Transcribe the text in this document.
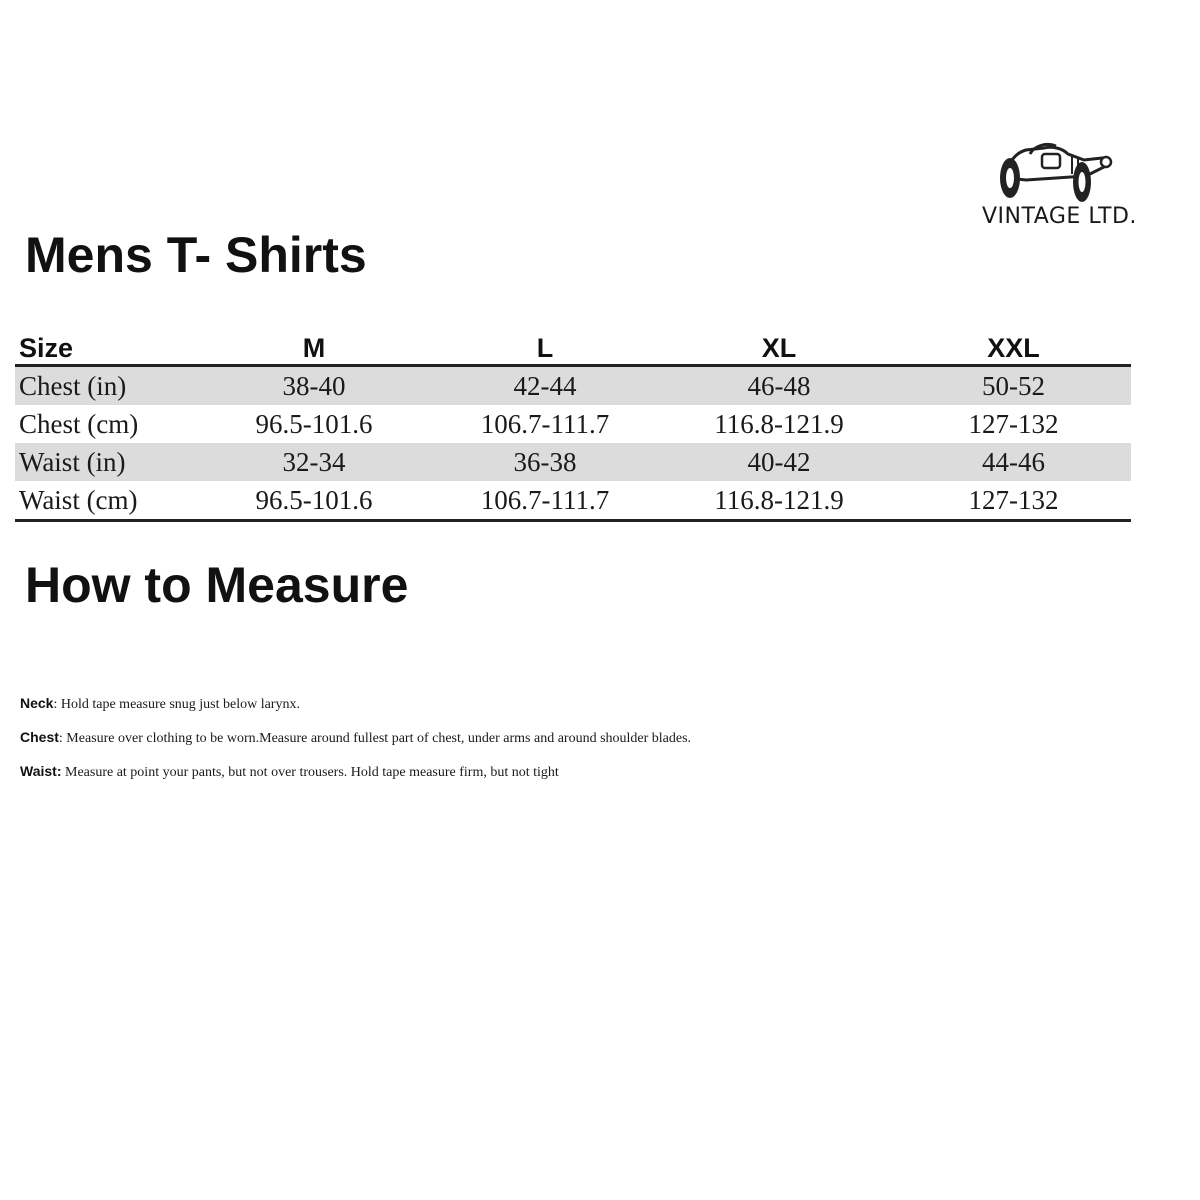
VINTAGE LTD.
Mens T- Shirts
Size	M	L	XL	XXL
Chest (in)	38-40	42-44	46-48	50-52
Chest (cm)	96.5-101.6	106.7-111.7	116.8-121.9	127-132
Waist (in)	32-34	36-38	40-42	44-46
Waist (cm)	96.5-101.6	106.7-111.7	116.8-121.9	127-132
How to Measure
Neck: Hold tape measure snug just below larynx.
Chest: Measure over clothing to be worn.Measure around fullest part of chest, under arms and around shoulder blades.
Waist: Measure at point your pants, but not over trousers. Hold tape measure firm, but not tight
